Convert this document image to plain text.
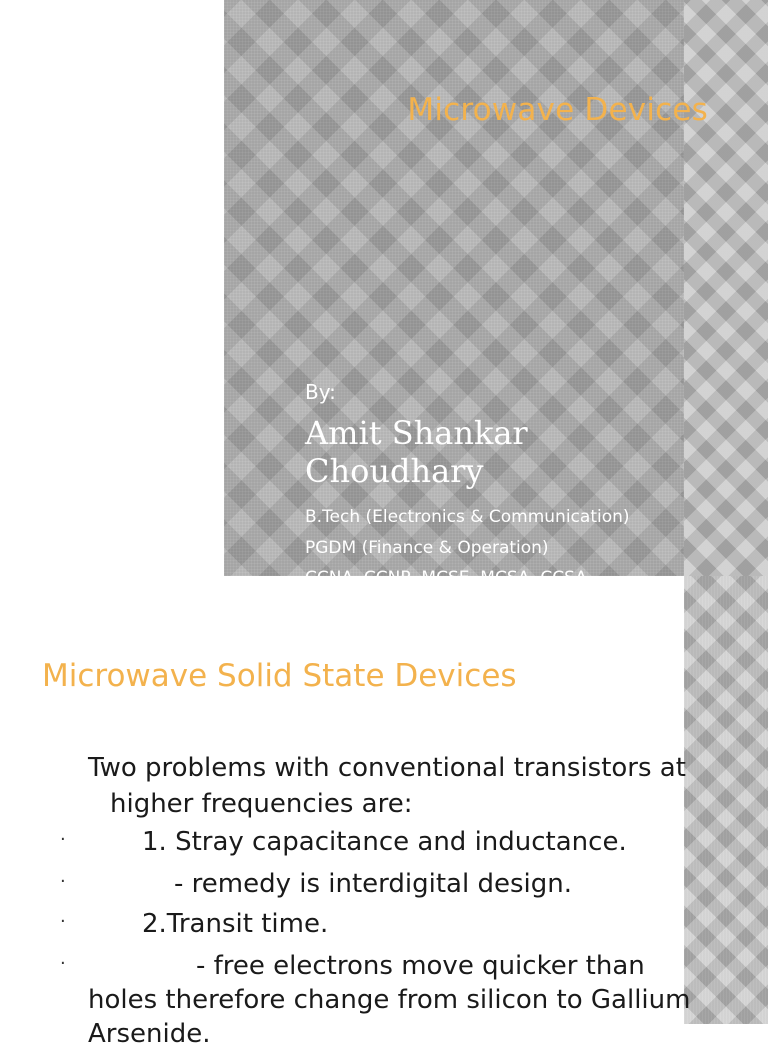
Microwave Devices
By:
Amit Shankar Choudhary
B.Tech (Electronics & Communication)
PGDM (Finance & Operation)
Microwave Solid State Devices
Two problems with conventional transistors at
higher frequencies are:
·	1. Stray capacitance and inductance.
·	- remedy is interdigital design.
·	2.Transit time.
·	- free electrons move quicker than
holes therefore change from silicon to Gallium
Arsenide.
